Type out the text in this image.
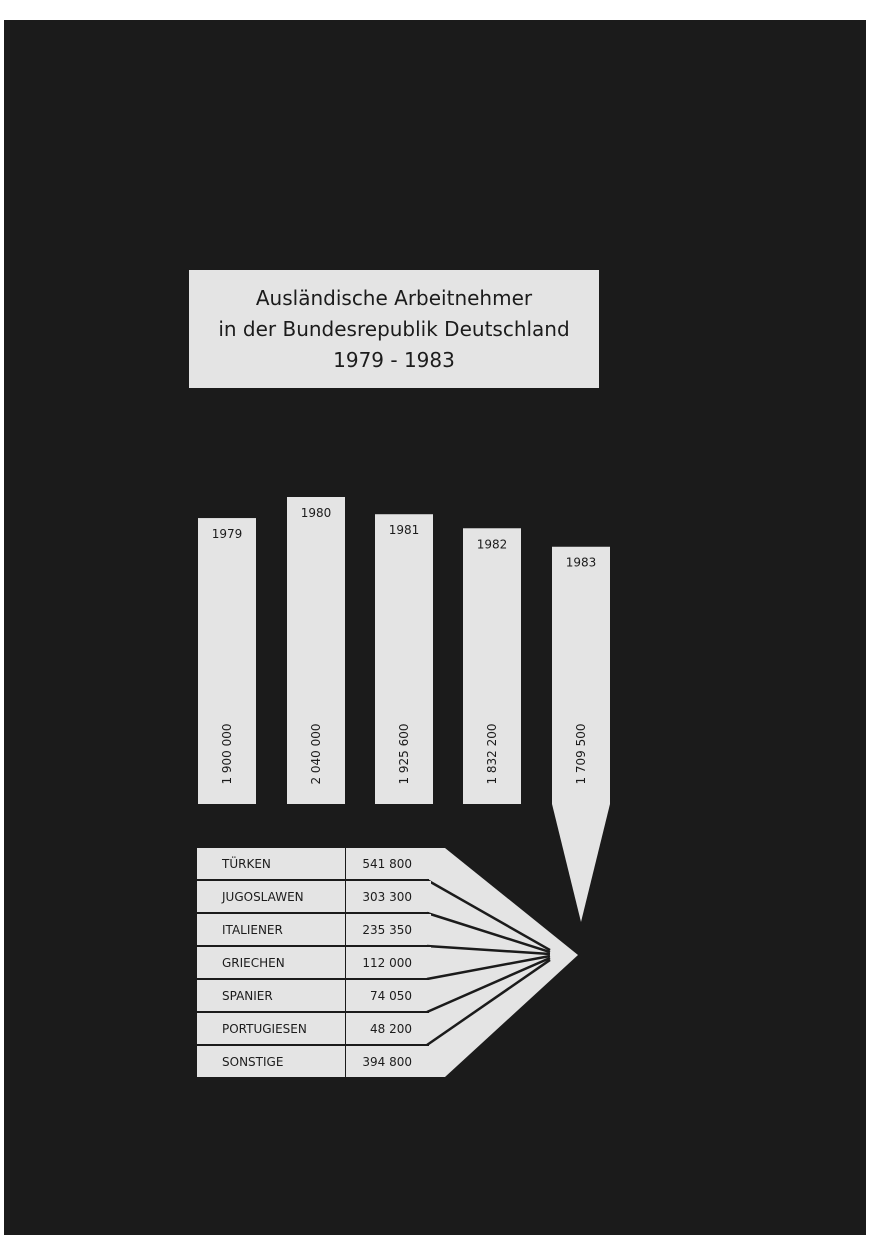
Ausländische Arbeitnehmer
in der Bundesrepublik Deutschland
1979 - 1983
1979
1 900 000
1980
2 040 000
1981
1 925 600
1982
1 832 200
1983
1 709 500
TÜRKEN	541 800
JUGOSLAWEN	303 300
ITALIENER	235 350
GRIECHEN	112 000
SPANIER	74 050
PORTUGIESEN	48 200
SONSTIGE	394 800
